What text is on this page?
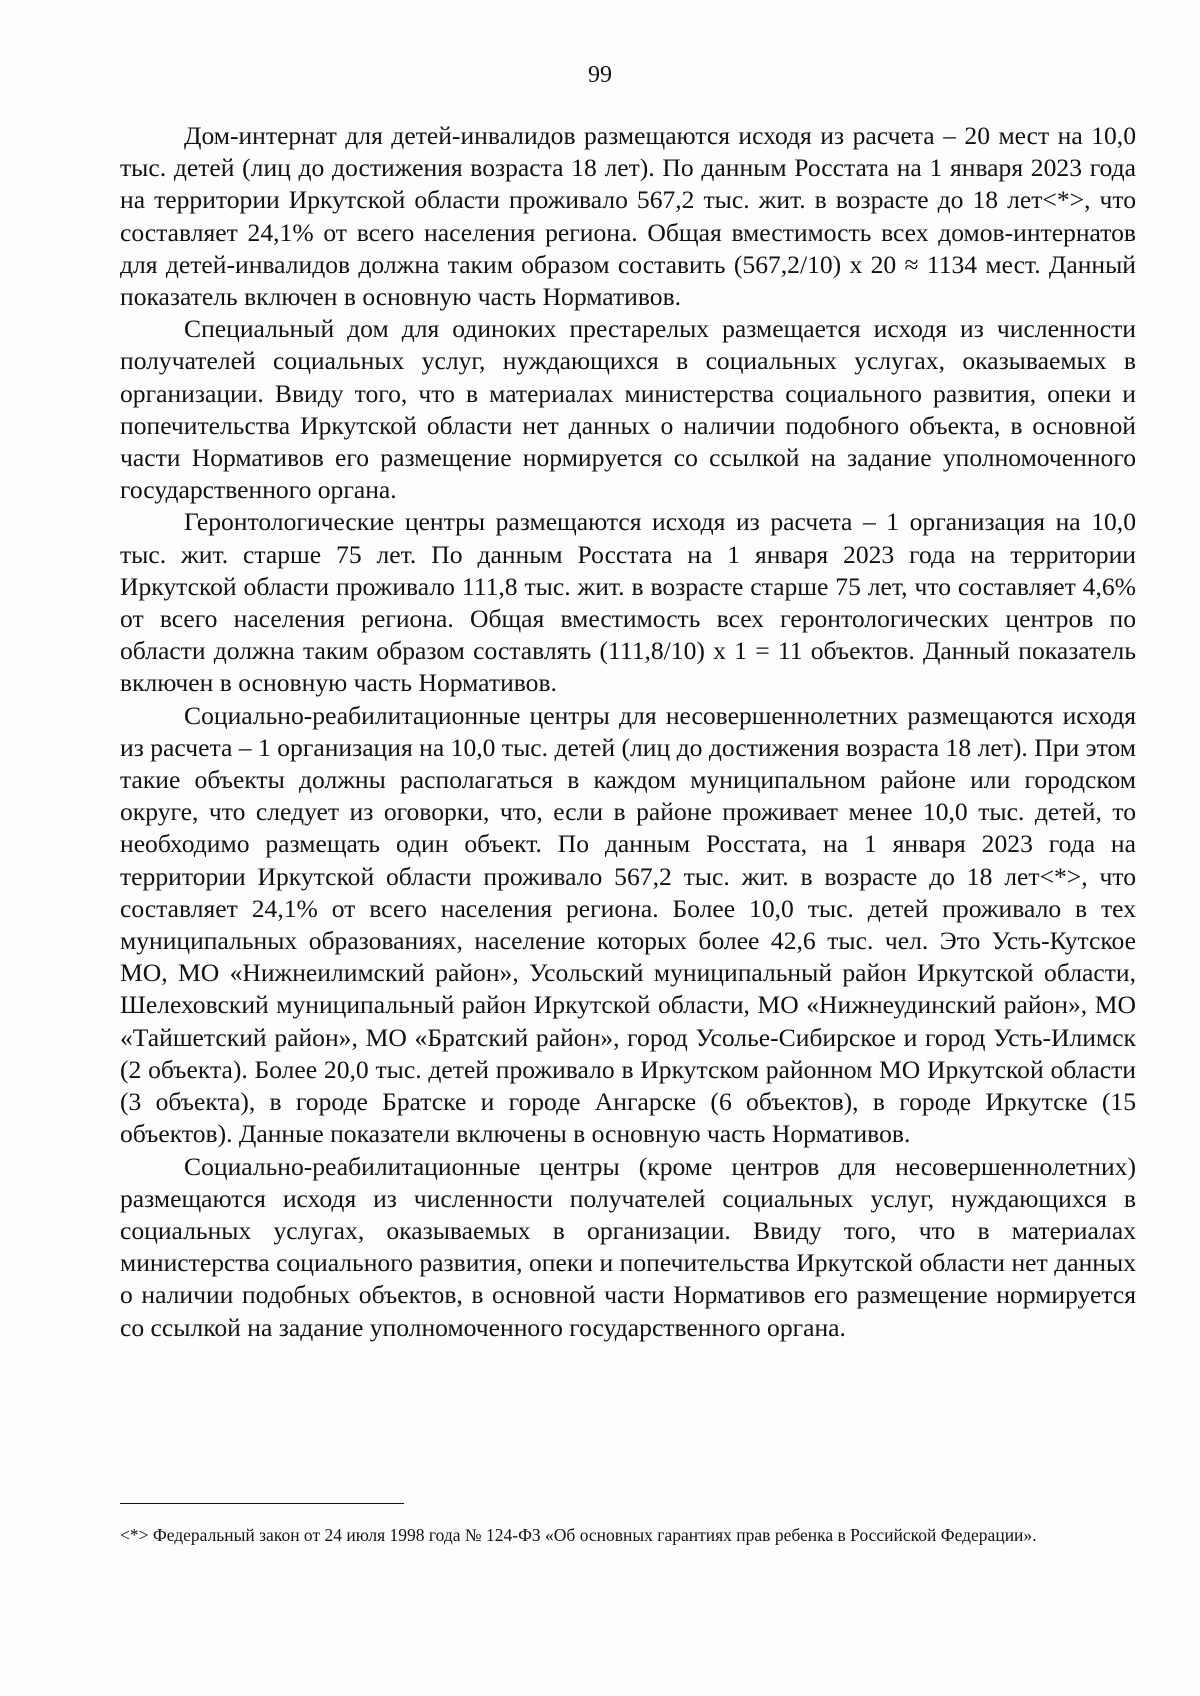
99

Дом-интернат для детей-инвалидов размещаются исходя из расчета – 20 мест на 10,0 тыс. детей (лиц до достижения возраста 18 лет). По данным Росстата на 1 января 2023 года на территории Иркутской области проживало 567,2 тыс. жит. в возрасте до 18 лет<*>, что составляет 24,1% от всего населения региона. Общая вместимость всех домов-интернатов для детей-инвалидов должна таким образом составить (567,2/10) х 20 ≈ 1134 мест. Данный показатель включен в основную часть Нормативов.

Специальный дом для одиноких престарелых размещается исходя из численности получателей социальных услуг, нуждающихся в социальных услугах, оказываемых в организации. Ввиду того, что в материалах министерства социального развития, опеки и попечительства Иркутской области нет данных о наличии подобного объекта, в основной части Нормативов его размещение нормируется со ссылкой на задание уполномоченного государственного органа.

Геронтологические центры размещаются исходя из расчета – 1 организация на 10,0 тыс. жит. старше 75 лет. По данным Росстата на 1 января 2023 года на территории Иркутской области проживало 111,8 тыс. жит. в возрасте старше 75 лет, что составляет 4,6% от всего населения региона. Общая вместимость всех геронтологических центров по области должна таким образом составлять (111,8/10) х 1 = 11 объектов. Данный показатель включен в основную часть Нормативов.

Социально-реабилитационные центры для несовершеннолетних размещаются исходя из расчета – 1 организация на 10,0 тыс. детей (лиц до достижения возраста 18 лет). При этом такие объекты должны располагаться в каждом муниципальном районе или городском округе, что следует из оговорки, что, если в районе проживает менее 10,0 тыс. детей, то необходимо размещать один объект. По данным Росстата, на 1 января 2023 года на территории Иркутской области проживало 567,2 тыс. жит. в возрасте до 18 лет<*>, что составляет 24,1% от всего населения региона. Более 10,0 тыс. детей проживало в тех муниципальных образованиях, население которых более 42,6 тыс. чел. Это Усть-Кутское МО, МО «Нижнеилимский район», Усольский муниципальный район Иркутской области, Шелеховский муниципальный район Иркутской области, МО «Нижнеудинский район», МО «Тайшетский район», МО «Братский район», город Усолье-Сибирское и город Усть-Илимск (2 объекта). Более 20,0 тыс. детей проживало в Иркутском районном МО Иркутской области (3 объекта), в городе Братске и городе Ангарске (6 объектов), в городе Иркутске (15 объектов). Данные показатели включены в основную часть Нормативов.

Социально-реабилитационные центры (кроме центров для несовершеннолетних) размещаются исходя из численности получателей социальных услуг, нуждающихся в социальных услугах, оказываемых в организации. Ввиду того, что в материалах министерства социального развития, опеки и попечительства Иркутской области нет данных о наличии подобных объектов, в основной части Нормативов его размещение нормируется со ссылкой на задание уполномоченного государственного органа.

<*> Федеральный закон от 24 июля 1998 года № 124-ФЗ «Об основных гарантиях прав ребенка в Российской Федерации».
